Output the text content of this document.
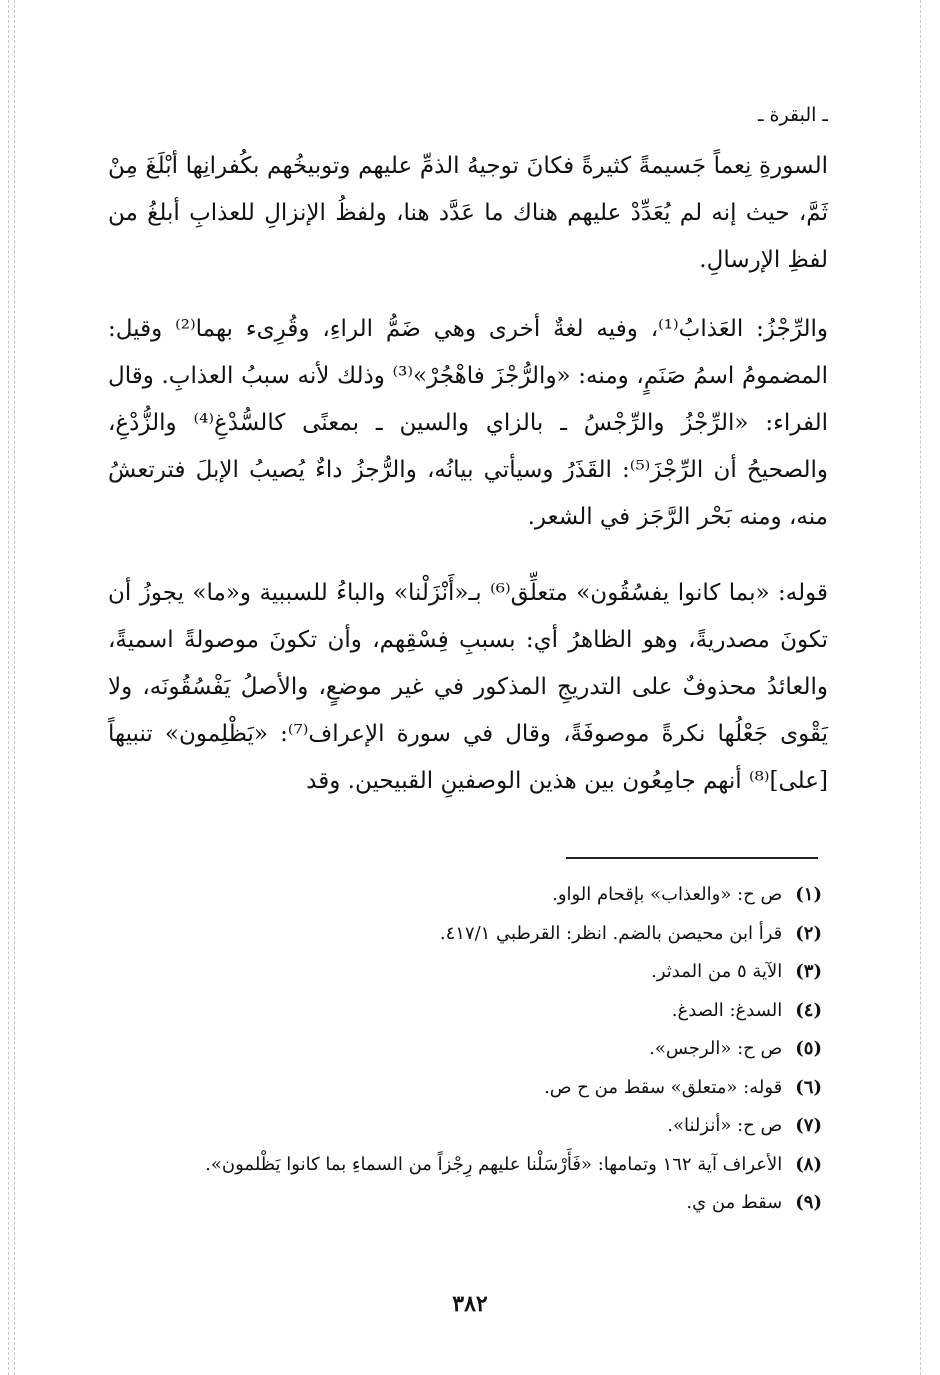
ـ البقرة ـ

السورةِ نِعماً جَسيمةً كثيرةً فكانَ توجيهُ الذمِّ عليهم وتوبيخُهم بكُفرانِها أبْلَغَ مِنْ ثَمَّ، حيث إنه لم يُعَدِّدْ عليهم هناك ما عَدَّد هنا، ولفظُ الإنزالِ للعذابِ أبلغُ من لفظِ الإرسالِ.

والرِّجْزُ: العَذابُ⁽¹⁾، وفيه لغةٌ أخرى وهي ضَمُّ الراءِ، وقُرِىء بهما⁽²⁾ وقيل: المضمومُ اسمُ صَنَمٍ، ومنه: «والرُّجْزَ فاهْجُرْ»⁽³⁾ وذلك لأنه سببُ العذابِ. وقال الفراء: «الرِّجْزُ والرِّجْسُ ـ بالزاي والسين ـ بمعنًى كالسُّدْغِ⁽⁴⁾ والزُّدْغِ، والصحيحُ أن الرِّجْزَ⁽⁵⁾: القَذَرُ وسيأتي بيانُه، والرُّجزُ داءٌ يُصيبُ الإبلَ فترتعشُ منه، ومنه بَحْر الرَّجَز في الشعر.

قوله: «بما كانوا يفسُقُون» متعلِّق⁽⁶⁾ بـ«أَنْزَلْنا» والباءُ للسببية و«ما» يجوزُ أن تكونَ مصدريةً، وهو الظاهرُ أي: بسببِ فِسْقِهم، وأن تكونَ موصولةً اسميةً، والعائدُ محذوفٌ على التدريجِ المذكور في غير موضعٍ، والأصلُ يَفْسُقُونَه، ولا يَقْوى جَعْلُها نكرةً موصوفَةً، وقال في سورة الإعراف⁽⁷⁾: «يَظْلِمون» تنبيهاً [على]⁽⁸⁾ أنهم جامِعُون بين هذين الوصفينِ القبيحين. وقد

(١) ص ح: «والعذاب» بإقحام الواو.
(٢) قرأ ابن محيصن بالضم. انظر: القرطبي ٤١٧/١.
(٣) الآية ٥ من المدثر.
(٤) السدغ: الصدغ.
(٥) ص ح: «الرجس».
(٦) قوله: «متعلق» سقط من ح ص.
(٧) ص ح: «أنزلنا».
(٨) الأعراف آية ١٦٢ وتمامها: «فَأَرْسَلْنا عليهم رِجْزاً من السماءِ بما كانوا يَظْلمون».
(٩) سقط من ي.
٣٨٢
